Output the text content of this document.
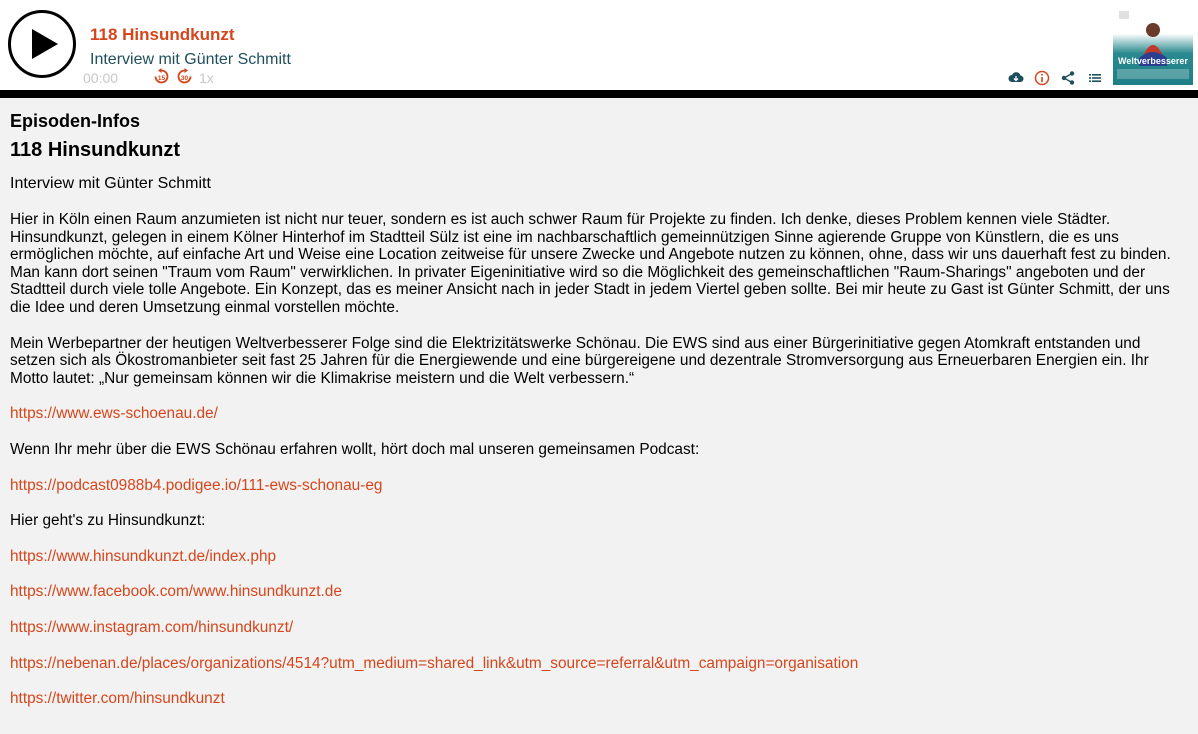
118 Hinsundkunzt
Interview mit Günter Schmitt
00:00	15 30 1x
Weltverbesserer
Episoden-Infos
118 Hinsundkunzt
Interview mit Günter Schmitt

Hier in Köln einen Raum anzumieten ist nicht nur teuer, sondern es ist auch schwer Raum für Projekte zu finden. Ich denke, dieses Problem kennen viele Städter. Hinsundkunzt, gelegen in einem Kölner Hinterhof im Stadtteil Sülz ist eine im nachbarschaftlich gemeinnützigen Sinne agierende Gruppe von Künstlern, die es uns ermöglichen möchte, auf einfache Art und Weise eine Location zeitweise für unsere Zwecke und Angebote nutzen zu können, ohne, dass wir uns dauerhaft fest zu binden. Man kann dort seinen "Traum vom Raum" verwirklichen. In privater Eigeninitiative wird so die Möglichkeit des gemeinschaftlichen "Raum-Sharings" angeboten und der Stadtteil durch viele tolle Angebote. Ein Konzept, das es meiner Ansicht nach in jeder Stadt in jedem Viertel geben sollte. Bei mir heute zu Gast ist Günter Schmitt, der uns die Idee und deren Umsetzung einmal vorstellen möchte.

Mein Werbepartner der heutigen Weltverbesserer Folge sind die Elektrizitätswerke Schönau. Die EWS sind aus einer Bürgerinitiative gegen Atomkraft entstanden und setzen sich als Ökostromanbieter seit fast 25 Jahren für die Energiewende und eine bürgereigene und dezentrale Stromversorgung aus Erneuerbaren Energien ein. Ihr Motto lautet: „Nur gemeinsam können wir die Klimakrise meistern und die Welt verbessern.“

https://www.ews-schoenau.de/

Wenn Ihr mehr über die EWS Schönau erfahren wollt, hört doch mal unseren gemeinsamen Podcast:

https://podcast0988b4.podigee.io/111-ews-schonau-eg

Hier geht's zu Hinsundkunzt:

https://www.hinsundkunzt.de/index.php

https://www.facebook.com/www.hinsundkunzt.de

https://www.instagram.com/hinsundkunzt/

https://nebenan.de/places/organizations/4514?utm_medium=shared_link&utm_source=referral&utm_campaign=organisation

https://twitter.com/hinsundkunzt
